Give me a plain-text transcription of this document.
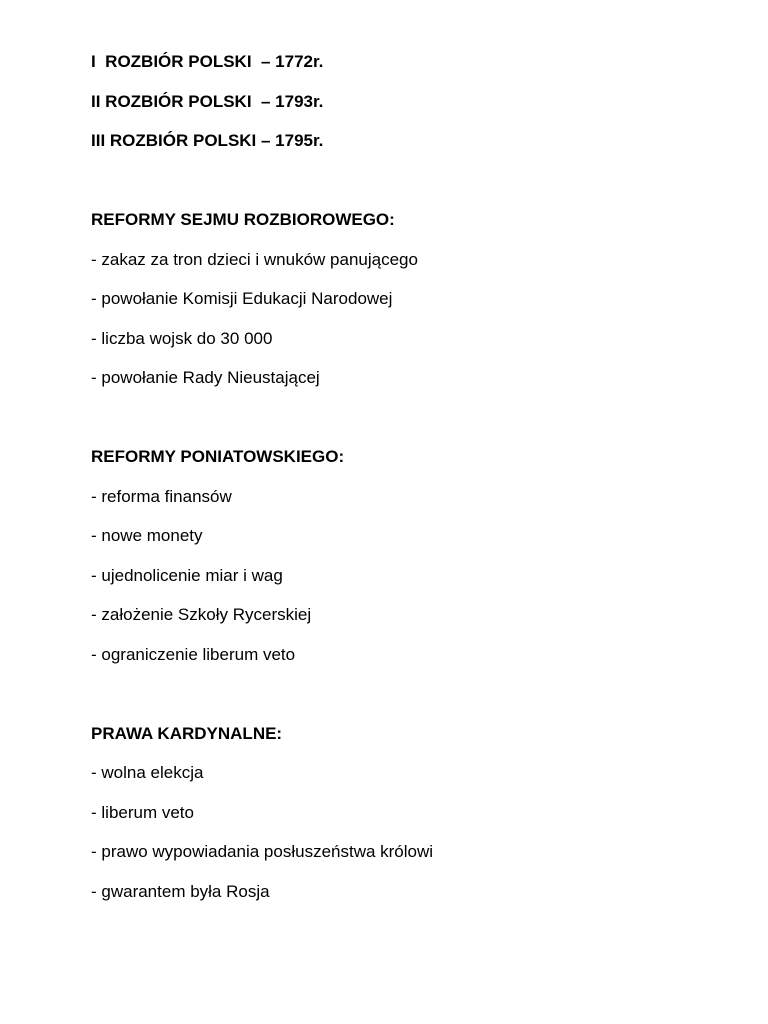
I  ROZBIÓR POLSKI  – 1772r.
II ROZBIÓR POLSKI  – 1793r.
III ROZBIÓR POLSKI – 1795r.
REFORMY SEJMU ROZBIOROWEGO:
- zakaz za tron dzieci i wnuków panującego
- powołanie Komisji Edukacji Narodowej
- liczba wojsk do 30 000
- powołanie Rady Nieustającej
REFORMY PONIATOWSKIEGO:
- reforma finansów
- nowe monety
- ujednolicenie miar i wag
- założenie Szkoły Rycerskiej
- ograniczenie liberum veto
PRAWA KARDYNALNE:
- wolna elekcja
- liberum veto
- prawo wypowiadania posłuszeństwa królowi
- gwarantem była Rosja
